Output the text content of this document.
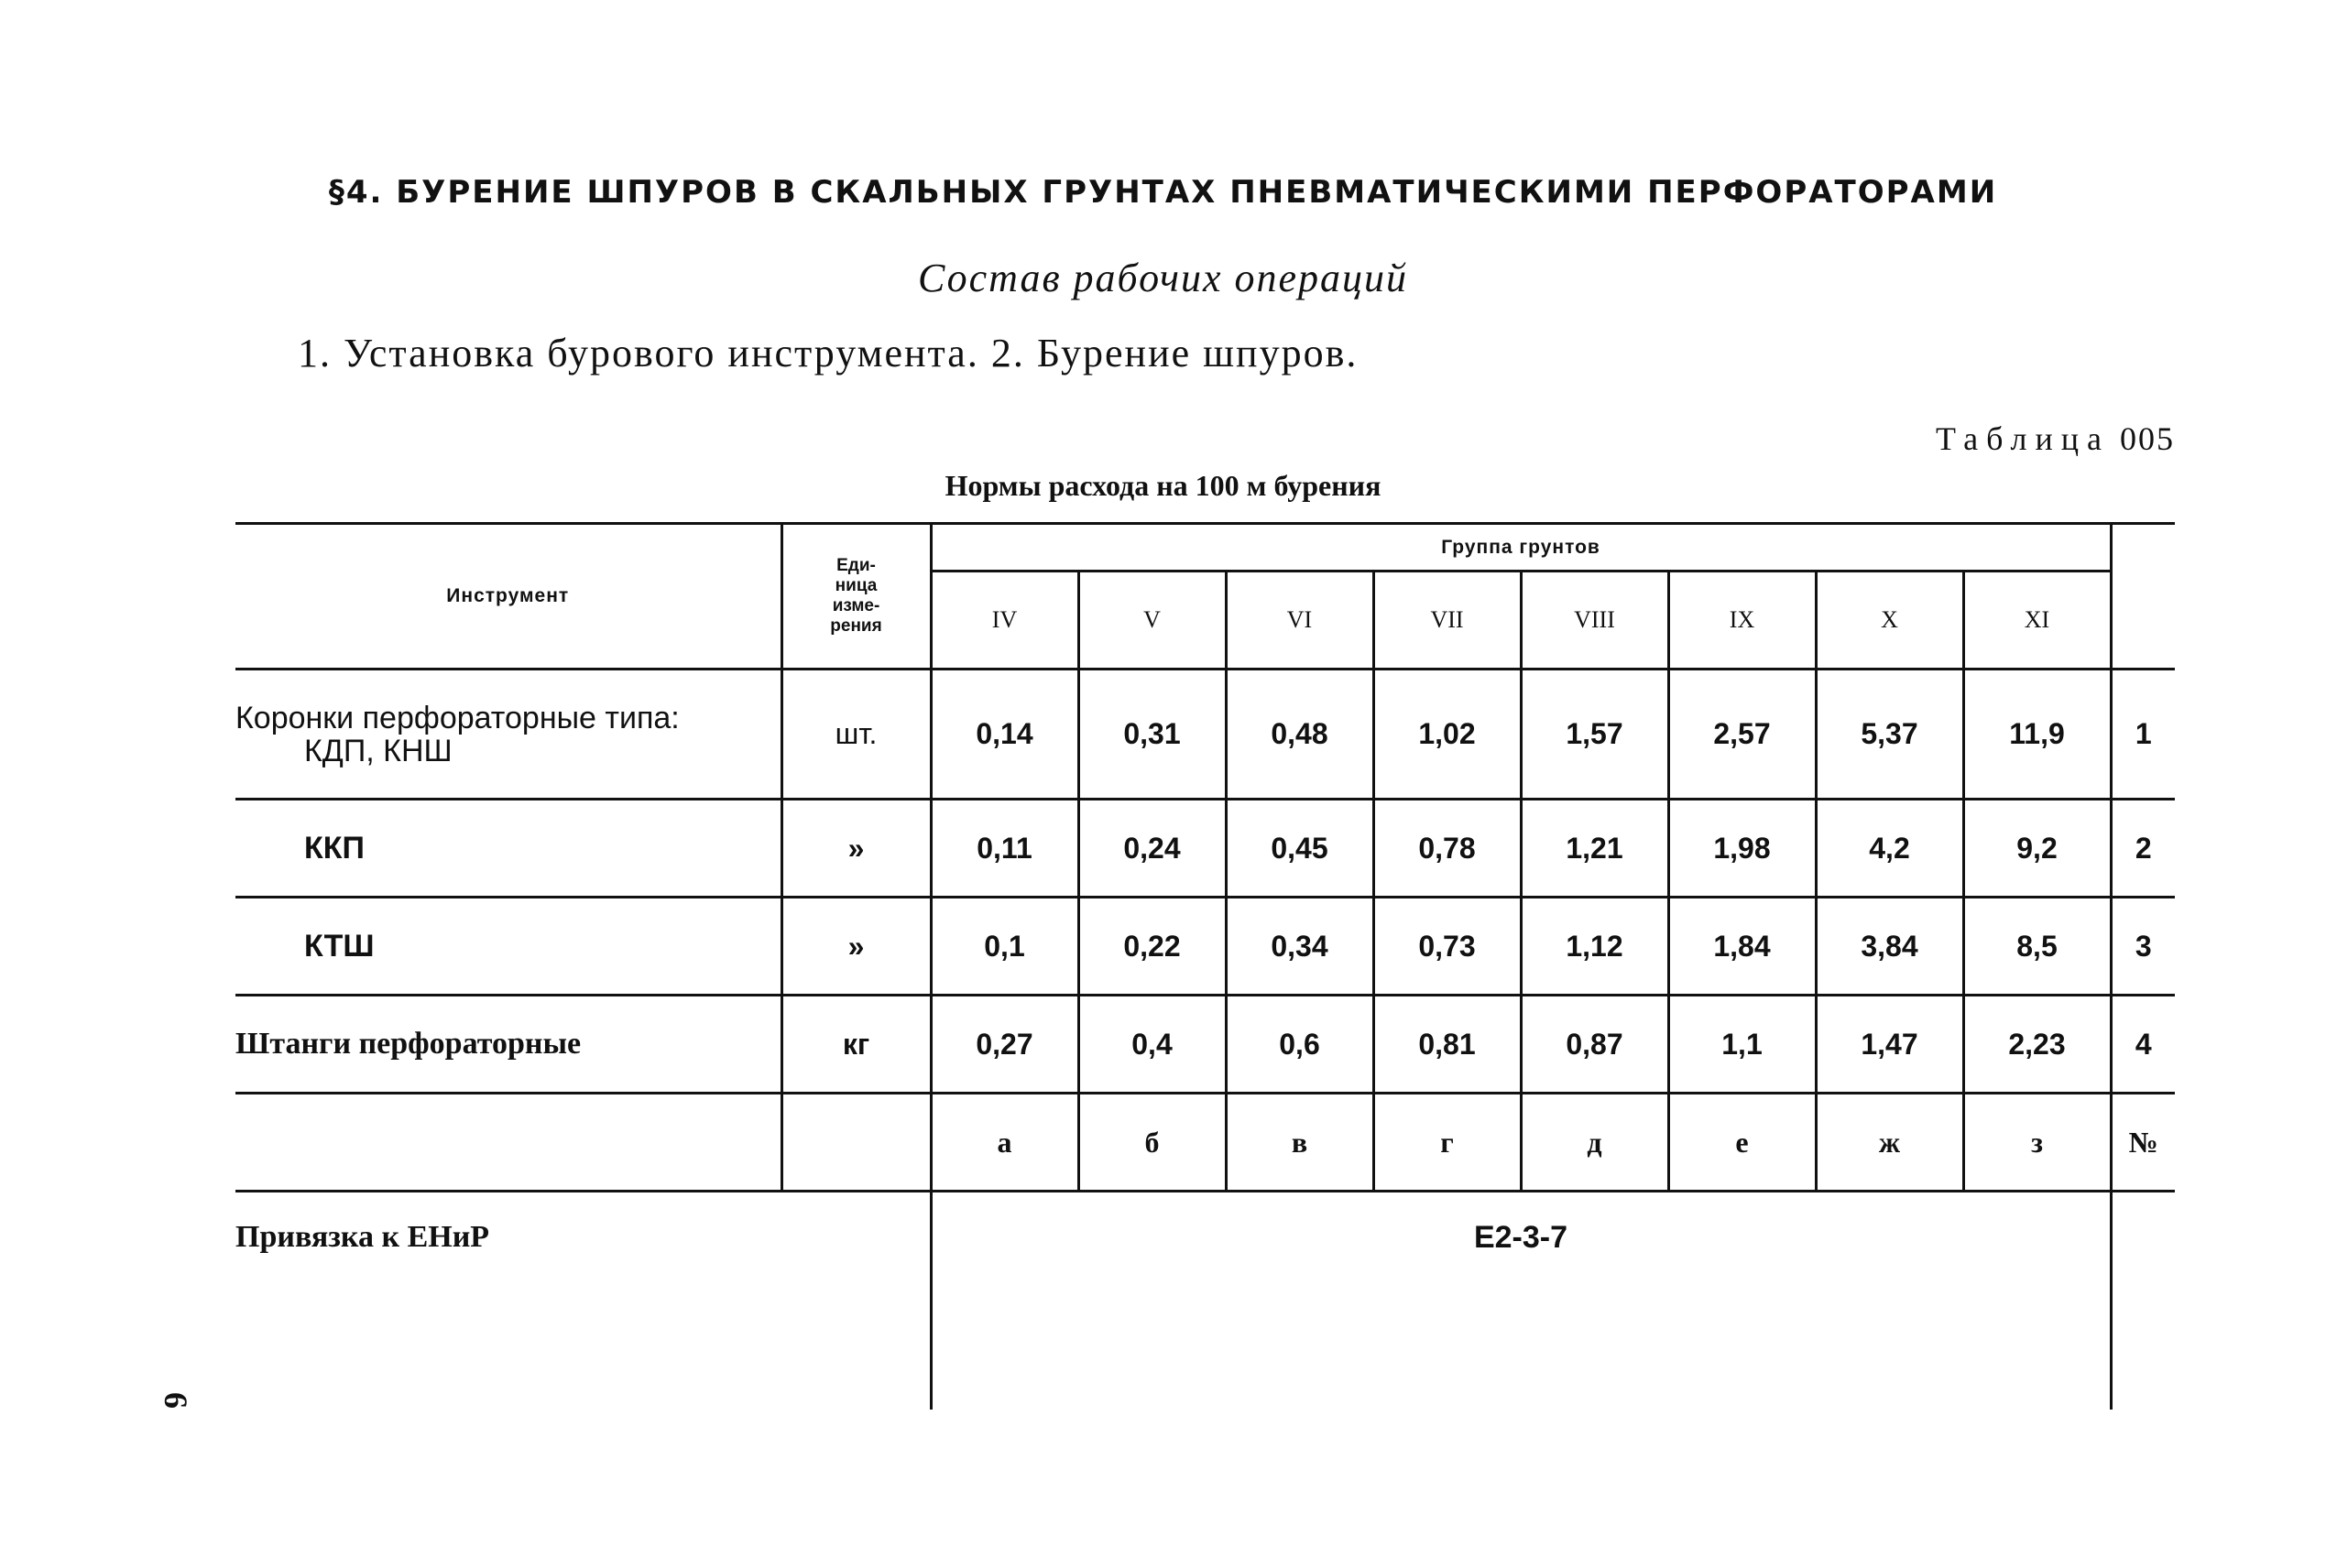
§4. БУРЕНИЕ ШПУРОВ В СКАЛЬНЫХ ГРУНТАХ ПНЕВМАТИЧЕСКИМИ ПЕРФОРАТОРАМИ
Состав рабочих операций
1. Установка бурового инструмента. 2. Бурение шпуров.
Таблица 005
Нормы расхода на 100 м бурения
Инструмент	Еди-
ница
изме-
рения	Группа грунтов								
		IV	V	VI	VII	VIII	IX	X	XI	

Коронки перфораторные типа:
КДП, КНШ	шт.	0,14	0,31	0,48	1,02	1,57	2,57	5,37	11,9	1
ККП	»	0,11	0,24	0,45	0,78	1,21	1,98	4,2	9,2	2
КТШ	»	0,1	0,22	0,34	0,73	1,12	1,84	3,84	8,5	3
Штанги перфораторные	кг	0,27	0,4	0,6	0,81	0,87	1,1	1,47	2,23	4
		а	б	в	г	д	е	ж	з	№
Привязка к ЕНиР		Е2-3-7								
6
